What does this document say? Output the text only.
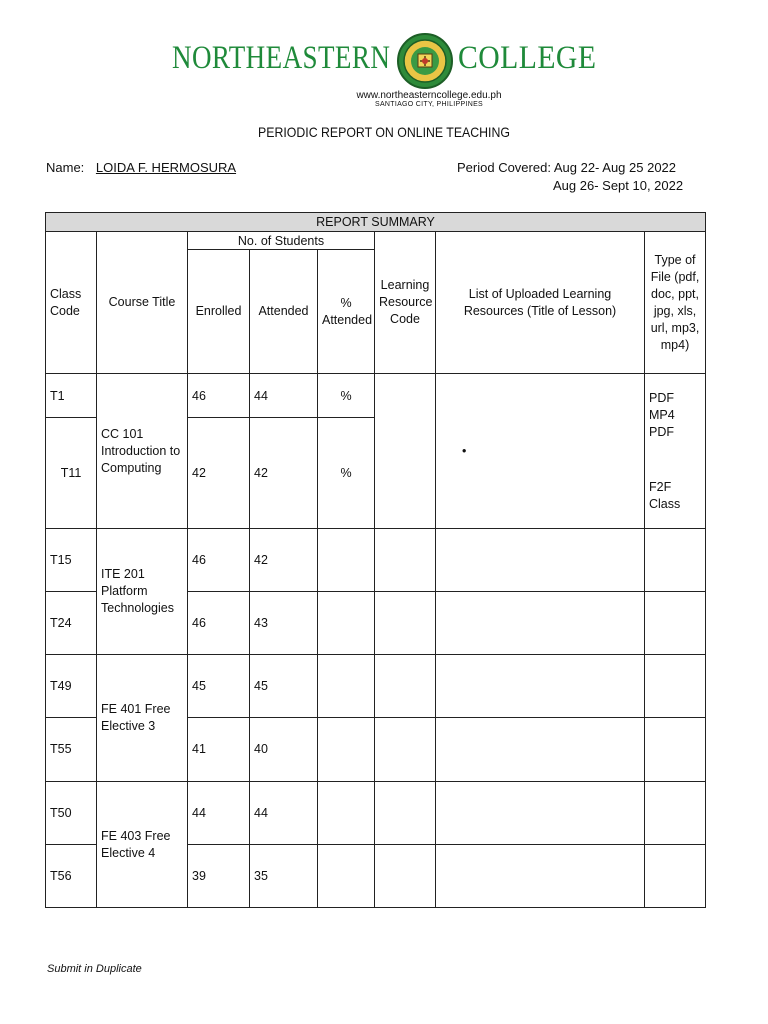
NORTHEASTERN COLLEGE
www.northeasterncollege.edu.ph
SANTIAGO CITY, PHILIPPINES
PERIODIC REPORT ON ONLINE TEACHING
Name: LOIDA F. HERMOSURA	Period Covered: Aug 22- Aug 25 2022
Aug 26- Sept 10, 2022
REPORT SUMMARY							
Class Code	Course Title	No. of Students			Learning Resource Code	List of Uploaded Learning Resources (Title of Lesson)	Type of File (pdf, doc, ppt, jpg, xls, url, mp3, mp4)
		Enrolled	Attended	% Attended			
T1	CC 101 Introduction to Computing	46	44	%		•	PDF MP4 PDF
F2F Class

T11		42	42	%			
T15	ITE 201 Platform Technologies	46	42				
T24		46	43				
T49	FE 401 Free Elective 3	45	45				
T55		41	40				
T50	FE 403 Free Elective 4	44	44				
T56		39	35				
Submit in Duplicate
